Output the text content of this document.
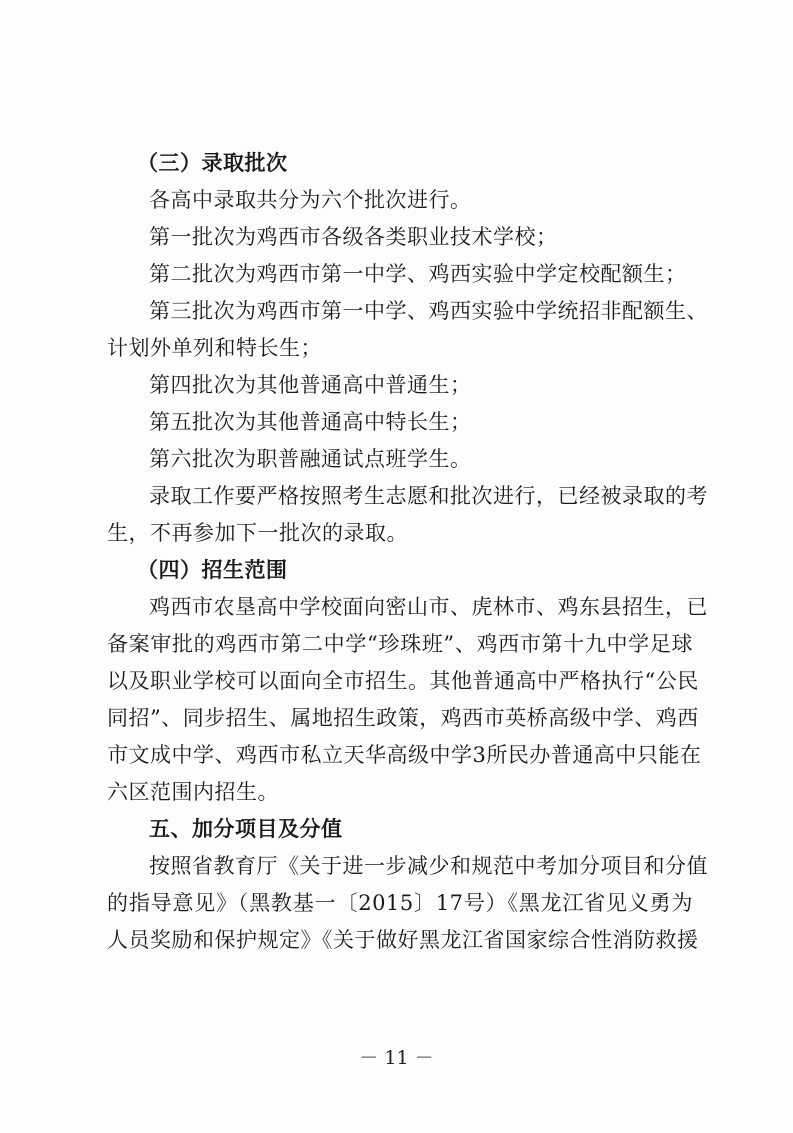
（三）录取批次
各高中录取共分为六个批次进行。
第一批次为鸡西市各级各类职业技术学校；
第二批次为鸡西市第一中学、鸡西实验中学定校配额生；
第三批次为鸡西市第一中学、鸡西实验中学统招非配额生、
计划外单列和特长生；
第四批次为其他普通高中普通生；
第五批次为其他普通高中特长生；
第六批次为职普融通试点班学生。
录取工作要严格按照考生志愿和批次进行，已经被录取的考
生，不再参加下一批次的录取。
（四）招生范围
鸡西市农垦高中学校面向密山市、虎林市、鸡东县招生，已
备案审批的鸡西市第二中学“珍珠班”、鸡西市第十九中学足球
以及职业学校可以面向全市招生。其他普通高中严格执行“公民
同招”、同步招生、属地招生政策，鸡西市英桥高级中学、鸡西
市文成中学、鸡西市私立天华高级中学3所民办普通高中只能在
六区范围内招生。
五、加分项目及分值
按照省教育厅《关于进一步减少和规范中考加分项目和分值
的指导意见》（黑教基一〔2015〕17号）《黑龙江省见义勇为
人员奖励和保护规定》《关于做好黑龙江省国家综合性消防救援
－ 11 －
